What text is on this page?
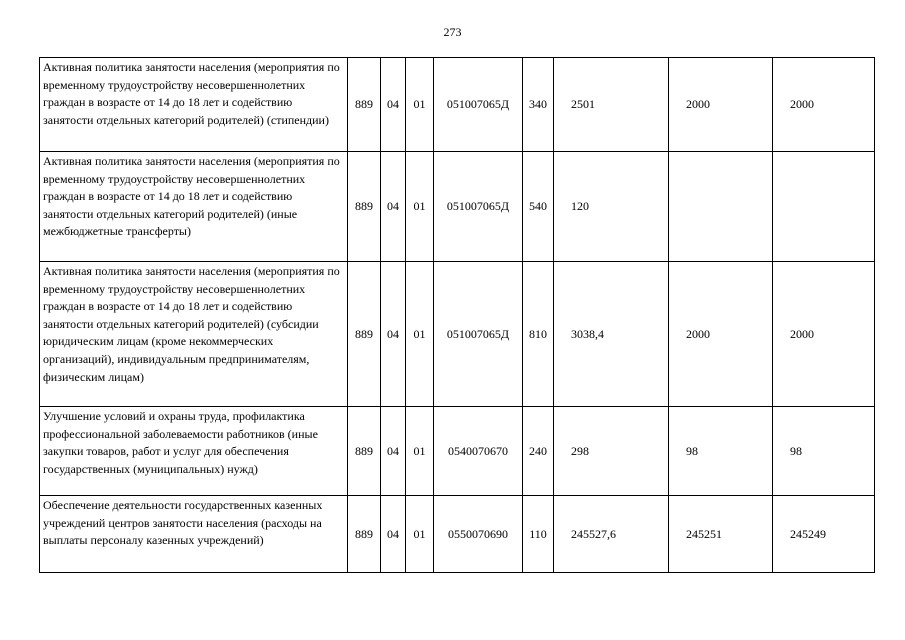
273
Активная политика занятости населения (мероприятия по временному трудоустройству несовершеннолетних граждан в возрасте от 14 до 18 лет и содействию занятости отдельных категорий родителей) (стипендии)	889	04	01	051007065Д	340	2501	2000	2000
Активная политика занятости населения (мероприятия по временному трудоустройству несовершеннолетних граждан в возрасте от 14 до 18 лет и содействию занятости отдельных категорий родителей) (иные межбюджетные трансферты)	889	04	01	051007065Д	540	120		
Активная политика занятости населения (мероприятия по временному трудоустройству несовершеннолетних граждан в возрасте от 14 до 18 лет и содействию занятости отдельных категорий родителей) (субсидии юридическим лицам (кроме некоммерческих организаций), индивидуальным предпринимателям, физическим лицам)	889	04	01	051007065Д	810	3038,4	2000	2000
Улучшение условий и охраны труда, профилактика профессиональной заболеваемости работников (иные закупки товаров, работ и услуг для обеспечения государственных (муниципальных) нужд)	889	04	01	0540070670	240	298	98	98
Обеспечение деятельности государственных казенных учреждений центров занятости населения (расходы на выплаты персоналу казенных учреждений)	889	04	01	0550070690	110	245527,6	245251	245249
